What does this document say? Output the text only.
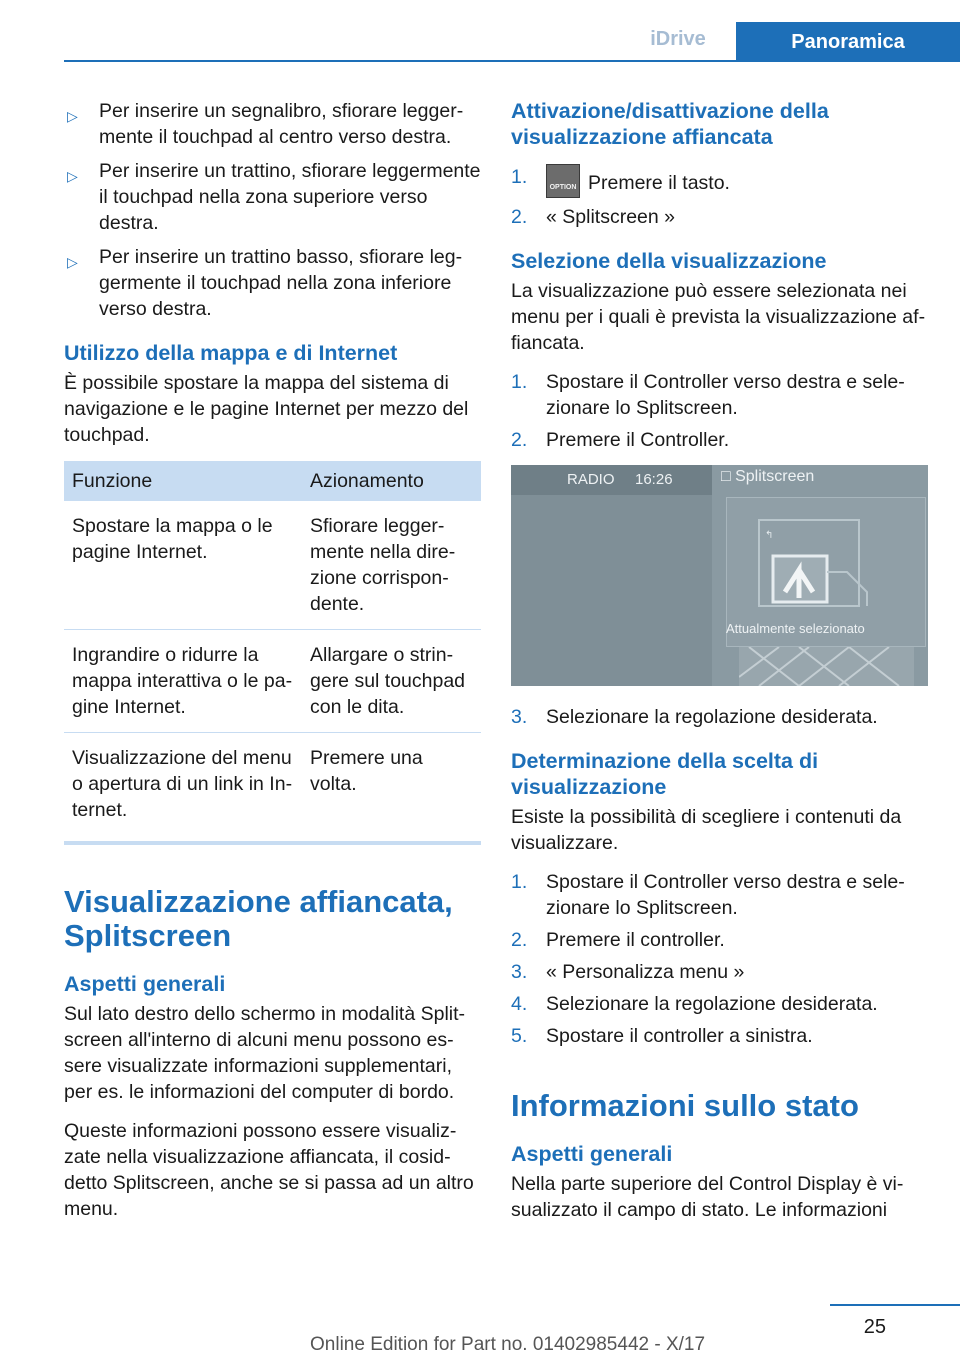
iDrive	Panoramica
▷ Per inserire un segnalibro, sfiorare leggermente il touchpad al centro verso destra.
▷ Per inserire un trattino, sfiorare leggermente il touchpad nella zona superiore verso destra.
▷ Per inserire un trattino basso, sfiorare leggermente il touchpad nella zona inferiore verso destra.
Utilizzo della mappa e di Internet

È possibile spostare la mappa del sistema di navigazione e le pagine Internet per mezzo del touchpad.

Funzione	Azionamento
Spostare la mappa o le pagine Internet.	Sfiorare leggermente nella direzione corrispondente.
Ingrandire o ridurre la mappa interattiva o le pagine Internet.	Allargare o stringere sul touchpad con le dita.
Visualizzazione del menu o apertura di un link in Internet.	Premere una volta.
Visualizzazione affiancata, Splitscreen
Aspetti generali

Sul lato destro dello schermo in modalità Splitscreen all'interno di alcuni menu possono essere visualizzate informazioni supplementari, per es. le informazioni del computer di bordo.

Queste informazioni possono essere visualizzate nella visualizzazione affiancata, il cosiddetto Splitscreen, anche se si passa ad un altro menu.

Attivazione/disattivazione della visualizzazione affiancata
1.	OPTION Premere il tasto.
2. « Splitscreen »
Selezione della visualizzazione

La visualizzazione può essere selezionata nei menu per i quali è prevista la visualizzazione affiancata.

1. Spostare il Controller verso destra e selezionare lo Splitscreen.
2. Premere il Controller.
RADIO 16:26	□ Splitscreen
↰
Attualmente selezionato
3. Selezionare la regolazione desiderata.
Determinazione della scelta di visualizzazione

Esiste la possibilità di scegliere i contenuti da visualizzare.

1. Spostare il Controller verso destra e selezionare lo Splitscreen.
2. Premere il controller.
3. « Personalizza menu »
4. Selezionare la regolazione desiderata.
5. Spostare il controller a sinistra.
Informazioni sullo stato
Aspetti generali

Nella parte superiore del Control Display è visualizzato il campo di stato. Le informazioni

25
Online Edition for Part no. 01402985442 - X/17
